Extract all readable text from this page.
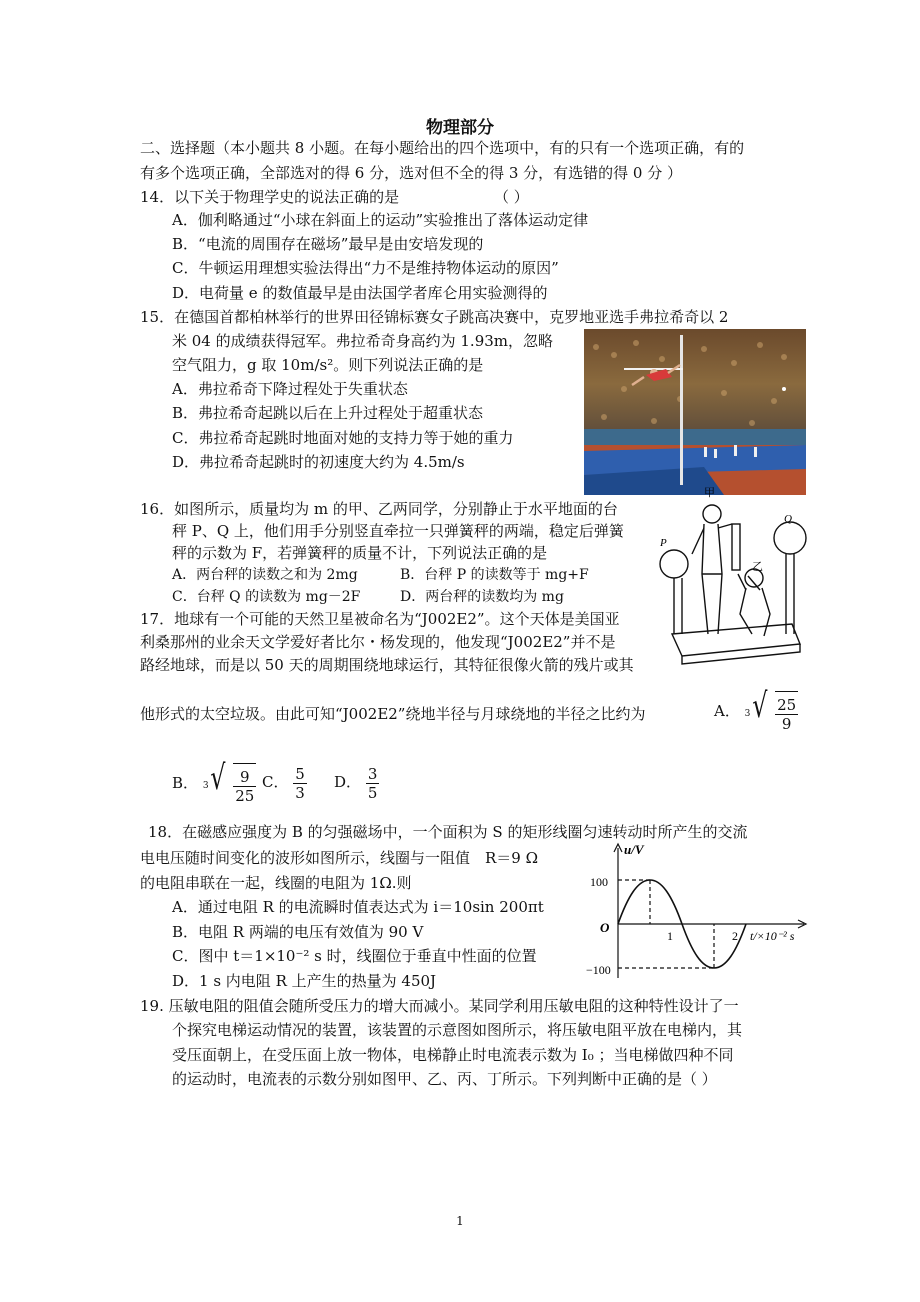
物理部分
二、选择题（本小题共 8 小题。在每小题给出的四个选项中，有的只有一个选项正确，有的
有多个选项正确，全部选对的得 6 分，选对但不全的得 3 分，有选错的得 0 分 ）
14．以下关于物理学史的说法正确的是	（ ）
A．伽利略通过“小球在斜面上的运动”实验推出了落体运动定律
B．“电流的周围存在磁场”最早是由安培发现的
C．牛顿运用理想实验法得出“力不是维持物体运动的原因”
D．电荷量 e 的数值最早是由法国学者库仑用实验测得的
15．在德国首都柏林举行的世界田径锦标赛女子跳高决赛中，克罗地亚选手弗拉希奇以 2
米 04 的成绩获得冠军。弗拉希奇身高约为 1.93m，忽略
空气阻力，g 取 10m/s²。则下列说法正确的是
A．弗拉希奇下降过程处于失重状态
B．弗拉希奇起跳以后在上升过程处于超重状态
C．弗拉希奇起跳时地面对她的支持力等于她的重力
D．弗拉希奇起跳时的初速度大约为 4.5m/s
16．如图所示，质量均为 m 的甲、乙两同学，分别静止于水平地面的台
秤 P、Q 上，他们用手分别竖直牵拉一只弹簧秤的两端，稳定后弹簧
秤的示数为 F，若弹簧秤的质量不计，下列说法正确的是
A．两台秤的读数之和为 2mg	B．台秤 P 的读数等于 mg+F
C．台秤 Q 的读数为 mg－2F	D．两台秤的读数均为 mg
甲
乙
P
Q
17．地球有一个可能的天然卫星被命名为“J002E2”。这个天体是美国亚
利桑那州的业余天文学爱好者比尔・杨发现的，他发现“J002E2”并不是
路经地球，而是以 50 天的周期围绕地球运行，其特征很像火箭的残片或其
他形式的太空垃圾。由此可知“J002E2”绕地半径与月球绕地的半径之比约为	A． 3 √ $\frac{25}{9}$
B． 3 √ $\frac{9}{25}$ C． $\frac{5}{3}$ D． $\frac{3}{5}$
18．在磁感应强度为 B 的匀强磁场中，一个面积为 S 的矩形线圈匀速转动时所产生的交流
电电压随时间变化的波形如图所示，线圈与一阻值　R＝9 Ω
的电阻串联在一起，线圈的电阻为 1Ω.则
A．通过电阻 R 的电流瞬时值表达式为 i＝10sin 200πt
B．电阻 R 两端的电压有效值为 90 V
C．图中 t＝1×10⁻² s 时，线圈位于垂直中性面的位置
D．1 s 内电阻 R 上产生的热量为 450J
u/V
100
−100
O
1	2 t/×10⁻² s
19. 压敏电阻的阻值会随所受压力的增大而减小。某同学利用压敏电阻的这种特性设计了一
个探究电梯运动情况的装置，该装置的示意图如图所示，将压敏电阻平放在电梯内，其
受压面朝上，在受压面上放一物体，电梯静止时电流表示数为 I₀ ；当电梯做四种不同
的运动时，电流表的示数分别如图甲、乙、丙、丁所示。下列判断中正确的是（ ）
1
